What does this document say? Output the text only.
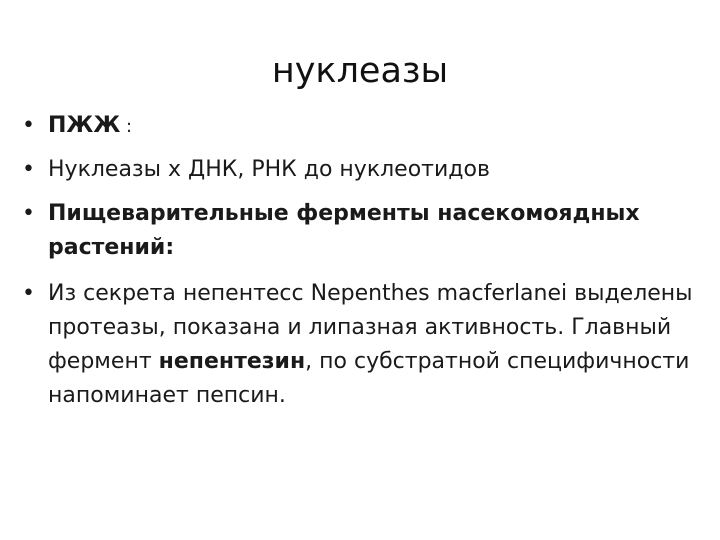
нуклеазы
• ПЖЖ :
• Нуклеазы х ДНК, РНК до нуклеотидов
• Пищеварительные ферменты насекомоядных растений:
• Из секрета непентесс Nepenthes macferlanei выделены протеазы, показана и липазная активность. Главный фермент непентезин, по субстратной специфичности напоминает пепсин.
